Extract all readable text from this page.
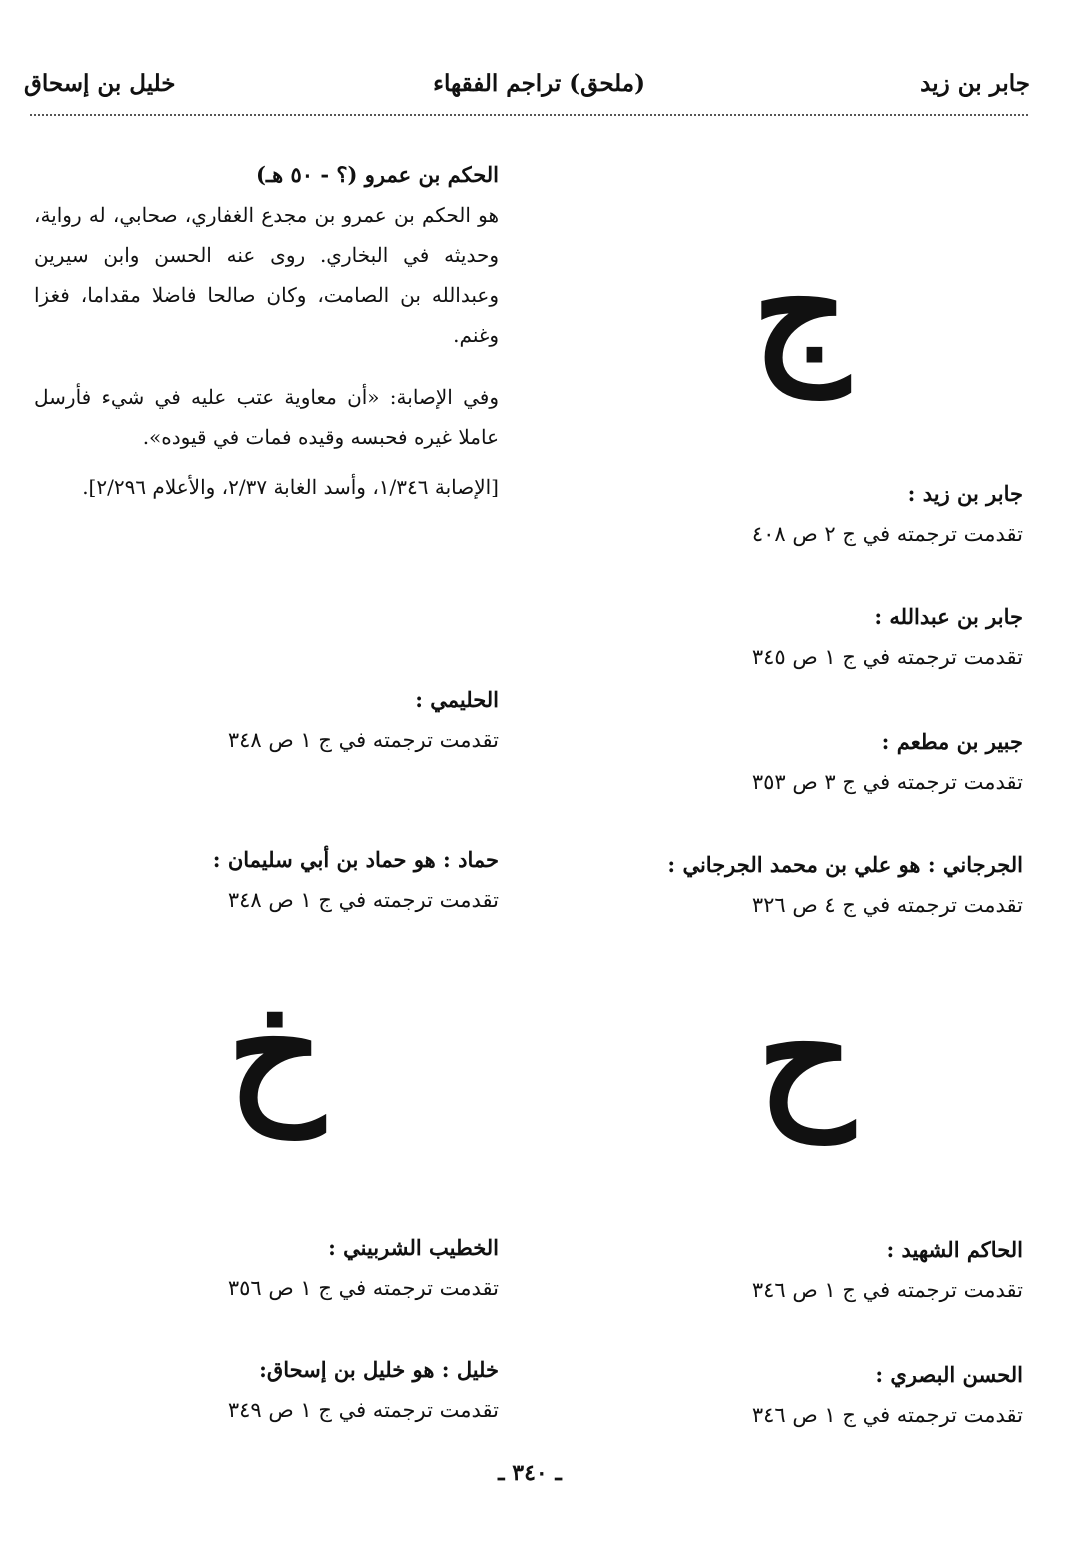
جابر بن زيد
(ملحق) تراجم الفقهاء
خليل بن إسحاق
ج
ح
خ
جابر بن زيد :
تقدمت ترجمته في ج ٢ ص ٤٠٨
جابر بن عبدالله :
تقدمت ترجمته في ج ١ ص ٣٤٥
جبير بن مطعم :
تقدمت ترجمته في ج ٣ ص ٣٥٣
الجرجاني : هو علي بن محمد الجرجاني :
تقدمت ترجمته في ج ٤ ص ٣٢٦
الحاكم الشهيد :
تقدمت ترجمته في ج ١ ص ٣٤٦
الحسن البصري :
تقدمت ترجمته في ج ١ ص ٣٤٦
الحكم بن عمرو (؟ - ٥٠ هـ)
هو الحكم بن عمرو بن مجدع الغفاري، صحابي، له رواية، وحديثه في البخاري. روى عنه الحسن وابن سيرين وعبدالله بن الصامت، وكان صالحا فاضلا مقداما، فغزا وغنم.
وفي الإصابة: «أن معاوية عتب عليه في شيء فأرسل عاملا غيره فحبسه وقيده فمات في قيوده».
[الإصابة ١/٣٤٦، وأسد الغابة ٢/٣٧، والأعلام ٢/٢٩٦].
الحليمي :
تقدمت ترجمته في ج ١ ص ٣٤٨
حماد : هو حماد بن أبي سليمان :
تقدمت ترجمته في ج ١ ص ٣٤٨
الخطيب الشربيني :
تقدمت ترجمته في ج ١ ص ٣٥٦
خليل : هو خليل بن إسحاق:
تقدمت ترجمته في ج ١ ص ٣٤٩
ـ ٣٤٠ ـ
